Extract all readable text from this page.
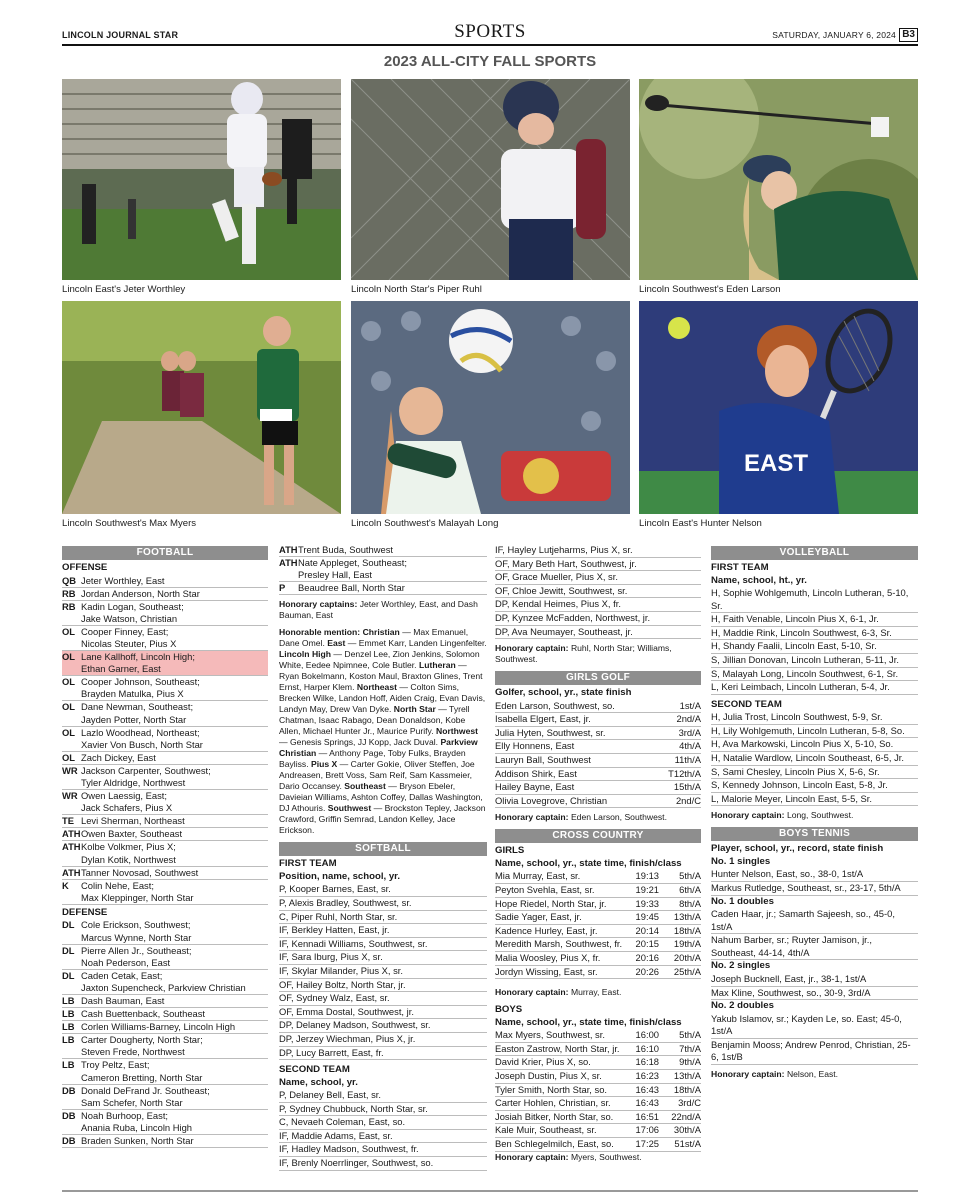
LINCOLN JOURNAL STAR	SPORTS	SATURDAY, JANUARY 6, 2024 B3
2023 ALL-CITY FALL SPORTS
Lincoln East's Jeter Worthley	Lincoln North Star's Piper Ruhl	Lincoln Southwest's Eden Larson
Lincoln Southwest's Max Myers	Lincoln Southwest's Malayah Long
EAST
Lincoln East's Hunter Nelson
FOOTBALL
OFFENSE
QB Jeter Worthley, East
RB Jordan Anderson, North Star
RB Kadin Logan, Southeast;
Jake Watson, Christian
OL Cooper Finney, East;
Nicolas Steuter, Pius X
OL Lane Kallhoff, Lincoln High;
Ethan Garner, East
OL Cooper Johnson, Southeast;
Brayden Matulka, Pius X
OL Dane Newman, Southeast;
Jayden Potter, North Star
OL Lazlo Woodhead, Northeast;
Xavier Von Busch, North Star
OL Zach Dickey, East
WR Jackson Carpenter, Southwest;
Tyler Aldridge, Northwest
WR Owen Laessig, East;
Jack Schafers, Pius X
TE Levi Sherman, Northeast
ATH Owen Baxter, Southeast
ATH Kolbe Volkmer, Pius X;
Dylan Kotik, Northwest
ATH Tanner Novosad, Southwest
K	Colin Nehe, East;
Max Kleppinger, North Star
DEFENSE
DL Cole Erickson, Southwest;
Marcus Wynne, North Star
DL Pierre Allen Jr., Southeast;
Noah Pederson, East
DL Caden Cetak, East;
Jaxton Supencheck, Parkview Christian
LB Dash Bauman, East
LB Cash Buettenback, Southeast
LB Corlen Williams-Barney, Lincoln High
LB Carter Dougherty, North Star;
Steven Frede, Northwest
LB Troy Peltz, East;
Cameron Bretting, North Star
DB Donald DeFrand Jr. Southeast;
Sam Schefer, North Star
DB Noah Burhoop, East;
Anania Ruba, Lincoln High
DB Braden Sunken, North Star
ATH Trent Buda, Southwest
ATH Nate Appleget, Southeast;
Presley Hall, East
P	Beaudree Ball, North Star
Honorary captains: Jeter Worthley, East, and Dash Bauman, East
Honorable mention: Christian — Max Emanuel, Dane Omel. East — Emmet Karr, Landen Lingenfelter. Lincoln High — Denzel Lee, Zion Jenkins, Solomon White, Eedee Npimnee, Cole Butler. Lutheran — Ryan Bokelmann, Koston Maul, Braxton Glines, Trent Ernst, Harper Klem. Northeast — Colton Sims, Brecken Wilke, Landon Hoff, Aiden Craig, Evan Davis, Landyn May, Drew Van Dyke. North Star — Tyrell Chatman, Isaac Rabago, Dean Donaldson, Kobe Allen, Michael Hunter Jr., Maurice Purify. Northwest — Genesis Springs, JJ Kopp, Jack Duval. Parkview Christian — Anthony Page, Toby Fulks, Brayden Bayliss. Pius X — Carter Gokie, Oliver Steffen, Joe Andreasen, Brett Voss, Sam Reif, Sam Kassmeier, Dario Occansey. Southeast — Bryson Ebeler, Davieian Williams, Ashton Coffey, Dallas Washington, DJ Athouris. Southwest — Brockston Tepley, Jackson Crawford, Griffin Semrad, Landon Kelley, Jace Erickson.
SOFTBALL
FIRST TEAM
Position, name, school, yr.
P, Kooper Barnes, East, sr.
P, Alexis Bradley, Southwest, sr.
C, Piper Ruhl, North Star, sr.
IF, Berkley Hatten, East, jr.
IF, Kennadi Williams, Southwest, sr.
IF, Sara Iburg, Pius X, sr.
IF, Skylar Milander, Pius X, sr.
OF, Hailey Boltz, North Star, jr.
OF, Sydney Walz, East, sr.
OF, Emma Dostal, Southwest, jr.
DP, Delaney Madson, Southwest, sr.
DP, Jerzey Wiechman, Pius X, jr.
DP, Lucy Barrett, East, fr.
SECOND TEAM
Name, school, yr.
P, Delaney Bell, East, sr.
P, Sydney Chubbuck, North Star, sr.
C, Nevaeh Coleman, East, so.
IF, Maddie Adams, East, sr.
IF, Hadley Madson, Southwest, fr.
IF, Brenly Noerrlinger, Southwest, so.
IF, Hayley Lutjeharms, Pius X, sr.
OF, Mary Beth Hart, Southwest, jr.
OF, Grace Mueller, Pius X, sr.
OF, Chloe Jewitt, Southwest, sr.
DP, Kendal Heimes, Pius X, fr.
DP, Kynzee McFadden, Northwest, jr.
DP, Ava Neumayer, Southeast, jr.
Honorary captain: Ruhl, North Star; Williams, Southwest.
GIRLS GOLF
Golfer, school, yr., state finish
Eden Larson, Southwest, so.	1st/A
Isabella Elgert, East, jr.	2nd/A
Julia Hyten, Southwest, sr.	3rd/A
Elly Honnens, East	4th/A
Lauryn Ball, Southwest	11th/A
Addison Shirk, East	T12th/A
Hailey Bayne, East	15th/A
Olivia Lovegrove, Christian	2nd/C
Honorary captain: Eden Larson, Southwest.
CROSS COUNTRY
GIRLS
Name, school, yr., state time, finish/class
Mia Murray, East, sr.	19:13	5th/A
Peyton Svehla, East, sr.	19:21	6th/A
Hope Riedel, North Star, jr.	19:33	8th/A
Sadie Yager, East, jr.	19:45	13th/A
Kadence Hurley, East, jr.	20:14	18th/A
Meredith Marsh, Southwest, fr.	20:15	19th/A
Malia Woosley, Pius X, fr.	20:16	20th/A
Jordyn Wissing, East, sr.	20:26	25th/A
Honorary captain: Murray, East.
BOYS
Name, school, yr., state time, finish/class
Max Myers, Southwest, sr.	16:00	5th/A
Easton Zastrow, North Star, jr.	16:10	7th/A
David Krier, Pius X, so.	16:18	9th/A
Joseph Dustin, Pius X, sr.	16:23	13th/A
Tyler Smith, North Star, so.	16:43	18th/A
Carter Hohlen, Christian, sr.	16:43	3rd/C
Josiah Bitker, North Star, so.	16:51	22nd/A
Kale Muir, Southeast, sr.	17:06	30th/A
Ben Schlegelmilch, East, so.	17:25	51st/A
Honorary captain: Myers, Southwest.
VOLLEYBALL
FIRST TEAM
Name, school, ht., yr.
H, Sophie Wohlgemuth, Lincoln Lutheran, 5-10, Sr.
H, Faith Venable, Lincoln Pius X, 6-1, Jr.
H, Maddie Rink, Lincoln Southwest, 6-3, Sr.
H, Shandy Faalii, Lincoln East, 5-10, Sr.
S, Jillian Donovan, Lincoln Lutheran, 5-11, Jr.
S, Malayah Long, Lincoln Southwest, 6-1, Sr.
L, Keri Leimbach, Lincoln Lutheran, 5-4, Jr.
SECOND TEAM
H, Julia Trost, Lincoln Southwest, 5-9, Sr.
H, Lily Wohlgemuth, Lincoln Lutheran, 5-8, So.
H, Ava Markowski, Lincoln Pius X, 5-10, So.
H, Natalie Wardlow, Lincoln Southeast, 6-5, Jr.
S, Sami Chesley, Lincoln Pius X, 5-6, Sr.
S, Kennedy Johnson, Lincoln East, 5-8, Jr.
L, Malorie Meyer, Lincoln East, 5-5, Sr.
Honorary captain: Long, Southwest.
BOYS TENNIS
Player, school, yr., record, state finish
No. 1 singles
Hunter Nelson, East, so., 38-0, 1st/A
Markus Rutledge, Southeast, sr., 23-17, 5th/A
No. 1 doubles
Caden Haar, jr.; Samarth Sajeesh, so., 45-0, 1st/A
Nahum Barber, sr.; Ruyter Jamison, jr., Southeast, 44-14, 4th/A
No. 2 singles
Joseph Bucknell, East, jr., 38-1, 1st/A
Max Kline, Southwest, so., 30-9, 3rd/A
No. 2 doubles
Yakub Islamov, sr.; Kayden Le, so. East; 45-0, 1st/A
Benjamin Mooss; Andrew Penrod, Christian, 25-6, 1st/B
Honorary captain: Nelson, East.
